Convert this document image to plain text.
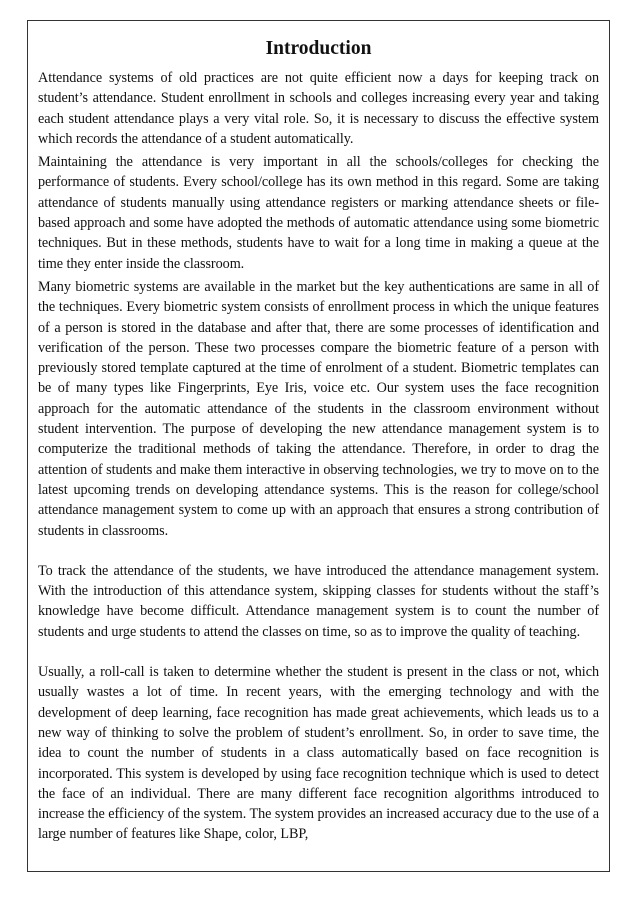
Introduction

Attendance systems of old practices are not quite efficient now a days for keeping track on student’s attendance. Student enrollment in schools and colleges increasing every year and taking each student attendance plays a very vital role. So, it is necessary to discuss the effective system which records the attendance of a student automatically.

Maintaining the attendance is very important in all the schools/colleges for checking the performance of students. Every school/college has its own method in this regard. Some are taking attendance of students manually using attendance registers or marking attendance sheets or file-based approach and some have adopted the methods of automatic attendance using some biometric techniques. But in these methods, students have to wait for a long time in making a queue at the time they enter inside the classroom.

Many biometric systems are available in the market but the key authentications are same in all of the techniques. Every biometric system consists of enrollment process in which the unique features of a person is stored in the database and after that, there are some processes of identification and verification of the person. These two processes compare the biometric feature of a person with previously stored template captured at the time of enrolment of a student. Biometric templates can be of many types like Fingerprints, Eye Iris, voice etc. Our system uses the face recognition approach for the automatic attendance of the students in the classroom environment without student intervention. The purpose of developing the new attendance management system is to computerize the traditional methods of taking the attendance. Therefore, in order to drag the attention of students and make them interactive in observing technologies, we try to move on to the latest upcoming trends on developing attendance systems. This is the reason for college/school attendance management system to come up with an approach that ensures a strong contribution of students in classrooms.

To track the attendance of the students, we have introduced the attendance management system. With the introduction of this attendance system, skipping classes for students without the staff’s knowledge have become difficult. Attendance management system is to count the number of students and urge students to attend the classes on time, so as to improve the quality of teaching.

Usually, a roll-call is taken to determine whether the student is present in the class or not, which usually wastes a lot of time. In recent years, with the emerging technology and with the development of deep learning, face recognition has made great achievements, which leads us to a new way of thinking to solve the problem of student’s enrollment. So, in order to save time, the idea to count the number of students in a class automatically based on face recognition is incorporated. This system is developed by using face recognition technique which is used to detect the face of an individual. There are many different face recognition algorithms introduced to increase the efficiency of the system. The system provides an increased accuracy due to the use of a large number of features like Shape, color, LBP,
